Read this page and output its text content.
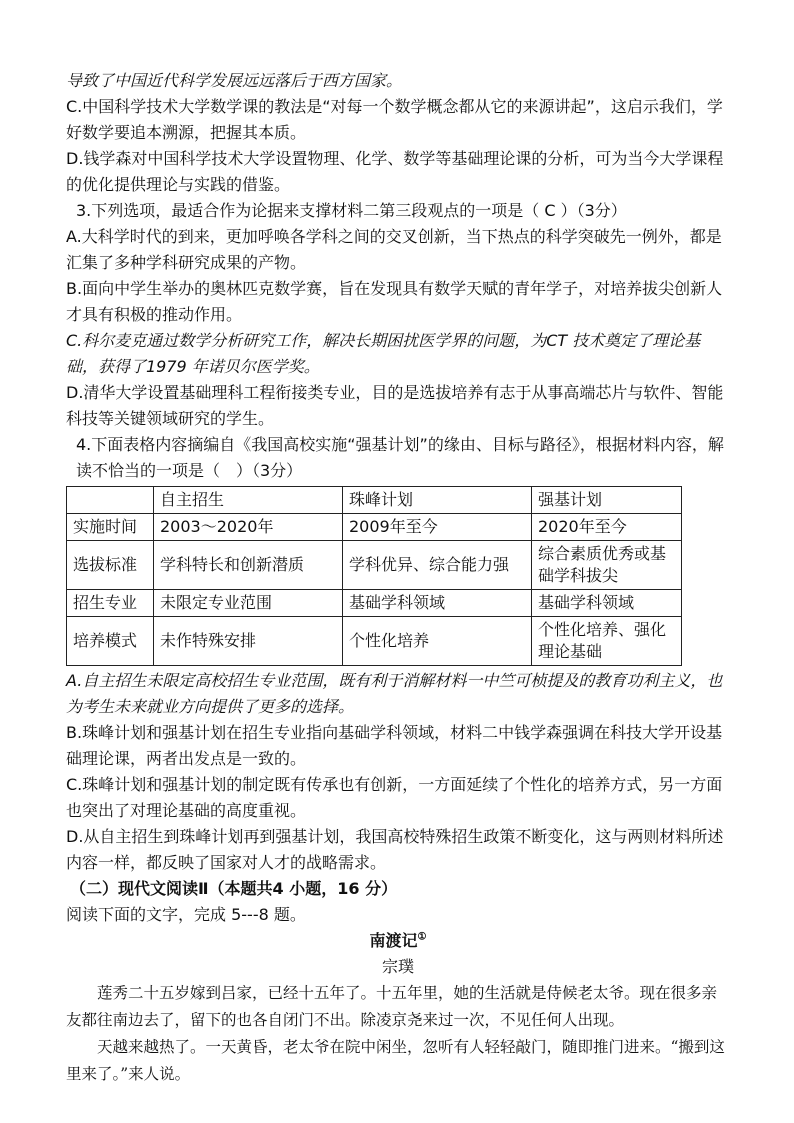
导致了中国近代科学发展远远落后于西方国家。

C.中国科学技术大学数学课的教法是“对每一个数学概念都从它的来源讲起”，这启示我们，学好数学要追本溯源，把握其本质。

D.钱学森对中国科学技术大学设置物理、化学、数学等基础理论课的分析，可为当今大学课程的优化提供理论与实践的借鉴。

3.下列选项，最适合作为论据来支撑材料二第三段观点的一项是（ C ）（3分）

A.大科学时代的到来，更加呼唤各学科之间的交叉创新，当下热点的科学突破先一例外，都是汇集了多种学科研究成果的产物。

B.面向中学生举办的奥林匹克数学赛，旨在发现具有数学天赋的青年学子，对培养拔尖创新人才具有积极的推动作用。

C.科尔麦克通过数学分析研究工作，解决长期困扰医学界的问题，为CT 技术奠定了理论基础，获得了1979 年诺贝尔医学奖。

D.清华大学设置基础理科工程衔接类专业，目的是选拔培养有志于从事高端芯片与软件、智能科技等关键领域研究的学生。

4.下面表格内容摘编自《我国高校实施“强基计划”的缘由、目标与路径》，根据材料内容，解读不恰当的一项是（　）（3分）

	自主招生	珠峰计划	强基计划
实施时间	2003～2020年	2009年至今	2020年至今
选拔标准	学科特长和创新潜质	学科优异、综合能力强	综合素质优秀或基础学科拔尖
招生专业	未限定专业范围	基础学科领域	基础学科领域
培养模式	未作特殊安排	个性化培养	个性化培养、强化理论基础

A.自主招生未限定高校招生专业范围，既有利于消解材料一中竺可桢提及的教育功利主义，也为考生未来就业方向提供了更多的选择。

B.珠峰计划和强基计划在招生专业指向基础学科领域，材料二中钱学森强调在科技大学开设基础理论课，两者出发点是一致的。

C.珠峰计划和强基计划的制定既有传承也有创新，一方面延续了个性化的培养方式，另一方面也突出了对理论基础的高度重视。

D.从自主招生到珠峰计划再到强基计划，我国高校特殊招生政策不断变化，这与两则材料所述内容一样，都反映了国家对人才的战略需求。

（二）现代文阅读Ⅱ（本题共4 小题，16 分）

阅读下面的文字，完成 5---8 题。

南渡记①

宗璞

莲秀二十五岁嫁到吕家，已经十五年了。十五年里，她的生活就是侍候老太爷。现在很多亲友都往南边去了，留下的也各自闭门不出。除凌京尧来过一次，不见任何人出现。

天越来越热了。一天黄昏，老太爷在院中闲坐，忽听有人轻轻敲门，随即推门进来。“搬到这里来了。”来人说。
